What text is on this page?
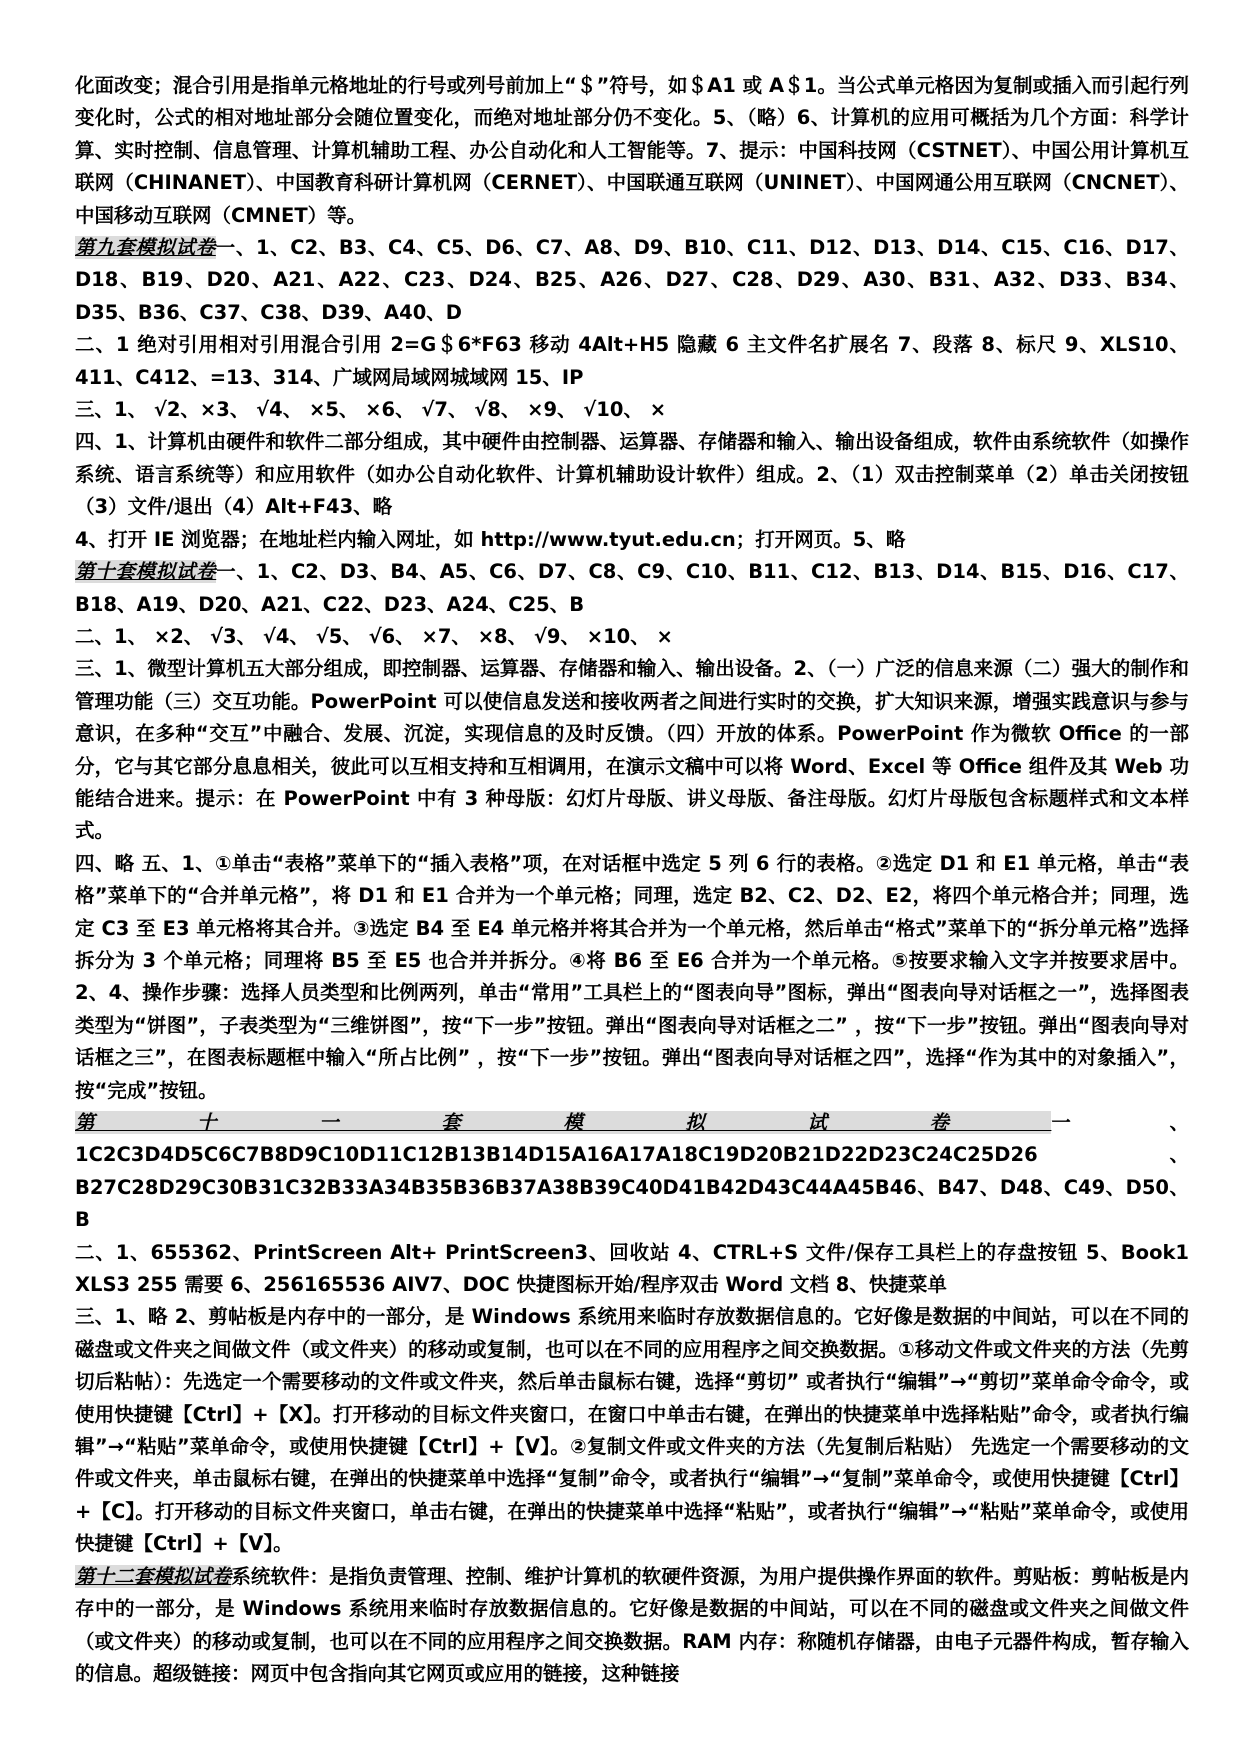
化面改变；混合引用是指单元格地址的行号或列号前加上“＄”符号，如＄A1 或 A＄1。当公式单元格因为复制或插入而引起行列变化时，公式的相对地址部分会随位置变化，而绝对地址部分仍不变化。5、（略）6、计算机的应用可概括为几个方面：科学计算、实时控制、信息管理、计算机辅助工程、办公自动化和人工智能等。7、提示：中国科技网（CSTNET）、中国公用计算机互联网（CHINANET）、中国教育科研计算机网（CERNET）、中国联通互联网（UNINET）、中国网通公用互联网（CNCNET）、中国移动互联网（CMNET）等。

第九套模拟试卷一、1、C2、B3、C4、C5、D6、C7、A8、D9、B10、C11、D12、D13、D14、C15、C16、D17、D18、B19、D20、A21、A22、C23、D24、B25、A26、D27、C28、D29、A30、B31、A32、D33、B34、D35、B36、C37、C38、D39、A40、D

二、1 绝对引用相对引用混合引用 2=G＄6*F63 移动 4Alt+H5 隐藏 6 主文件名扩展名 7、段落 8、标尺 9、XLS10、411、C412、=13、314、广域网局域网城域网 15、IP

三、1、 √2、×3、 √4、 ×5、 ×6、 √7、 √8、 ×9、 √10、 ×

四、1、计算机由硬件和软件二部分组成，其中硬件由控制器、运算器、存储器和输入、输出设备组成，软件由系统软件（如操作系统、语言系统等）和应用软件（如办公自动化软件、计算机辅助设计软件）组成。2、（1）双击控制菜单（2）单击关闭按钮（3）文件/退出（4）Alt+F43、略

4、打开 IE 浏览器；在地址栏内输入网址，如 http://www.tyut.edu.cn；打开网页。5、略

第十套模拟试卷一、1、C2、D3、B4、A5、C6、D7、C8、C9、C10、B11、C12、B13、D14、B15、D16、C17、B18、A19、D20、A21、C22、D23、A24、C25、B

二、1、 ×2、 √3、 √4、 √5、 √6、 ×7、 ×8、 √9、 ×10、 ×

三、1、微型计算机五大部分组成，即控制器、运算器、存储器和输入、输出设备。2、（一）广泛的信息来源（二）强大的制作和管理功能（三）交互功能。PowerPoint 可以使信息发送和接收两者之间进行实时的交换，扩大知识来源，增强实践意识与参与意识，在多种“交互”中融合、发展、沉淀，实现信息的及时反馈。（四）开放的体系。PowerPoint 作为微软 Office 的一部分，它与其它部分息息相关，彼此可以互相支持和互相调用，在演示文稿中可以将 Word、Excel 等 Office 组件及其 Web 功能结合进来。提示：在 PowerPoint 中有 3 种母版：幻灯片母版、讲义母版、备注母版。幻灯片母版包含标题样式和文本样式。

四、略 五、1、①单击“表格”菜单下的“插入表格”项，在对话框中选定 5 列 6 行的表格。②选定 D1 和 E1 单元格，单击“表格”菜单下的“合并单元格”，将 D1 和 E1 合并为一个单元格；同理，选定 B2、C2、D2、E2，将四个单元格合并；同理，选定 C3 至 E3 单元格将其合并。③选定 B4 至 E4 单元格并将其合并为一个单元格，然后单击“格式”菜单下的“拆分单元格”选择拆分为 3 个单元格；同理将 B5 至 E5 也合并并拆分。④将 B6 至 E6 合并为一个单元格。⑤按要求输入文字并按要求居中。2、4、操作步骤：选择人员类型和比例两列，单击“常用”工具栏上的“图表向导”图标，弹出“图表向导对话框之一”，选择图表类型为“饼图”，子表类型为“三维饼图”，按“下一步”按钮。弹出“图表向导对话框之二” ，按“下一步”按钮。弹出“图表向导对话框之三”，在图表标题框中输入“所占比例” ，按“下一步”按钮。弹出“图表向导对话框之四”，选择“作为其中的对象插入”，按“完成”按钮。

第十一套模拟试卷一、 1C2C3D4D5C6C7B8D9C10D11C12B13B14D15A16A17A18C19D20B21D22D23C24C25D26、B27C28D29C30B31C32B33A34B35B36B37A38B39C40D41B42D43C44A45B46、B47、D48、C49、D50、B

二、1、655362、PrintScreen Alt+ PrintScreen3、回收站 4、CTRL+S 文件/保存工具栏上的存盘按钮 5、Book1 XLS3 255 需要 6、256165536 AIV7、DOC 快捷图标开始/程序双击 Word 文档 8、快捷菜单

三、1、略 2、剪帖板是内存中的一部分，是 Windows 系统用来临时存放数据信息的。它好像是数据的中间站，可以在不同的磁盘或文件夹之间做文件（或文件夹）的移动或复制，也可以在不同的应用程序之间交换数据。①移动文件或文件夹的方法（先剪切后粘帖）：先选定一个需要移动的文件或文件夹，然后单击鼠标右键，选择“剪切” 或者执行“编辑”→“剪切”菜单命令命令，或使用快捷键【Ctrl】+【X】。打开移动的目标文件夹窗口，在窗口中单击右键，在弹出的快捷菜单中选择粘贴”命令，或者执行编辑”→“粘贴”菜单命令，或使用快捷键【Ctrl】+【V】。②复制文件或文件夹的方法（先复制后粘贴） 先选定一个需要移动的文件或文件夹，单击鼠标右键，在弹出的快捷菜单中选择“复制”命令，或者执行“编辑”→“复制”菜单命令，或使用快捷键【Ctrl】+【C】。打开移动的目标文件夹窗口，单击右键，在弹出的快捷菜单中选择“粘贴”，或者执行“编辑”→“粘贴”菜单命令，或使用快捷键【Ctrl】+【V】。

第十二套模拟试卷系统软件：是指负责管理、控制、维护计算机的软硬件资源，为用户提供操作界面的软件。剪贴板：剪帖板是内存中的一部分，是 Windows 系统用来临时存放数据信息的。它好像是数据的中间站，可以在不同的磁盘或文件夹之间做文件（或文件夹）的移动或复制，也可以在不同的应用程序之间交换数据。RAM 内存：称随机存储器，由电子元器件构成，暂存输入的信息。超级链接：网页中包含指向其它网页或应用的链接，这种链接
